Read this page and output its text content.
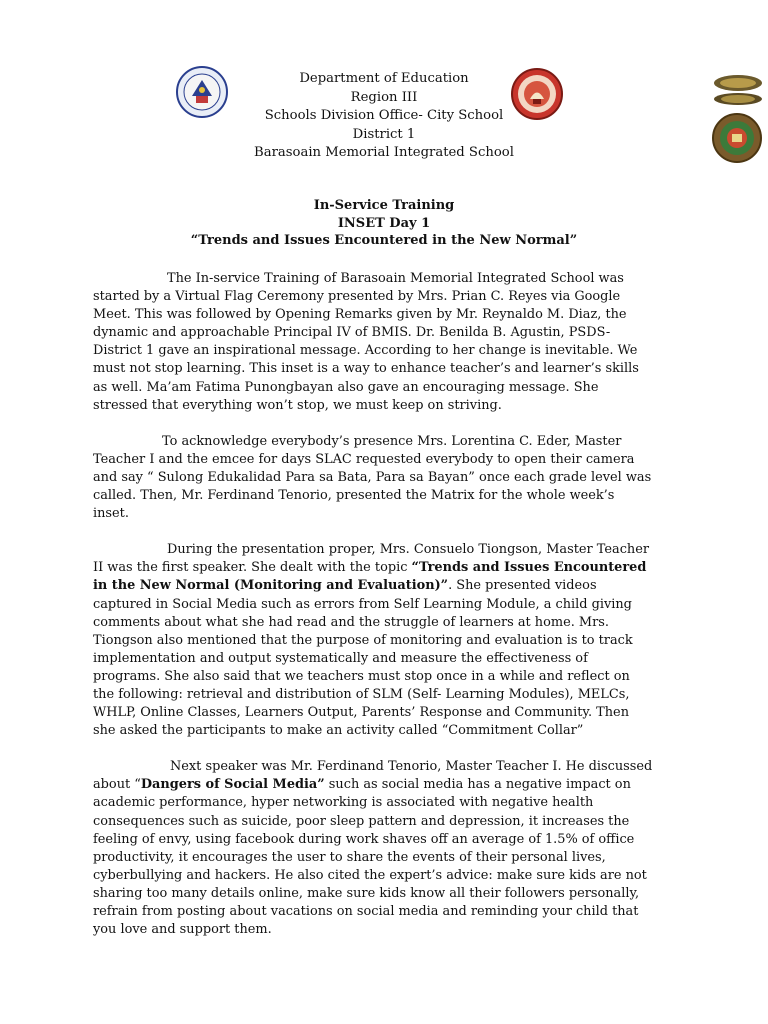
Department of Education
Region III
Schools Division Office- City School
District 1
Barasoain Memorial Integrated School
In-Service Training
INSET Day 1
“Trends and Issues Encountered in the New Normal”

The In-service Training of Barasoain Memorial Integrated School was started by a Virtual Flag Ceremony presented by Mrs. Prian C. Reyes via Google Meet. This was followed by Opening Remarks given by Mr. Reynaldo M. Diaz, the dynamic and approachable Principal IV of BMIS. Dr. Benilda B. Agustin, PSDS- District 1 gave an inspirational message. According to her change is inevitable. We must not stop learning. This inset is a way to enhance teacher’s and learner’s skills as well. Ma’am Fatima Punongbayan also gave an encouraging message. She stressed that everything won’t stop, we must keep on striving.

To acknowledge everybody’s presence Mrs. Lorentina C. Eder, Master Teacher I and the emcee for days SLAC requested everybody to open their camera and say “ Sulong Edukalidad Para sa Bata, Para sa Bayan” once each grade level was called. Then, Mr. Ferdinand Tenorio, presented the Matrix for the whole week’s inset.

During the presentation proper, Mrs. Consuelo Tiongson, Master Teacher II was the first speaker. She dealt with the topic “Trends and Issues Encountered in the New Normal (Monitoring and Evaluation)”. She presented videos captured in Social Media such as errors from Self Learning Module, a child giving comments about what she had read and the struggle of learners at home. Mrs. Tiongson also mentioned that the purpose of monitoring and evaluation is to track implementation and output systematically and measure the effectiveness of programs. She also said that we teachers must stop once in a while and reflect on the following: retrieval and distribution of SLM (Self- Learning Modules), MELCs, WHLP, Online Classes, Learners Output, Parents’ Response and Community. Then she asked the participants to make an activity called “Commitment Collar”

Next speaker was Mr. Ferdinand Tenorio, Master Teacher I. He discussed about “Dangers of Social Media” such as social media has a negative impact on academic performance, hyper networking is associated with negative health consequences such as suicide, poor sleep pattern and depression, it increases the feeling of envy, using facebook during work shaves off an average of 1.5% of office productivity, it encourages the user to share the events of their personal lives, cyberbullying and hackers. He also cited the expert’s advice: make sure kids are not sharing too many details online, make sure kids know all their followers personally, refrain from posting about vacations on social media and reminding your child that you love and support them.
